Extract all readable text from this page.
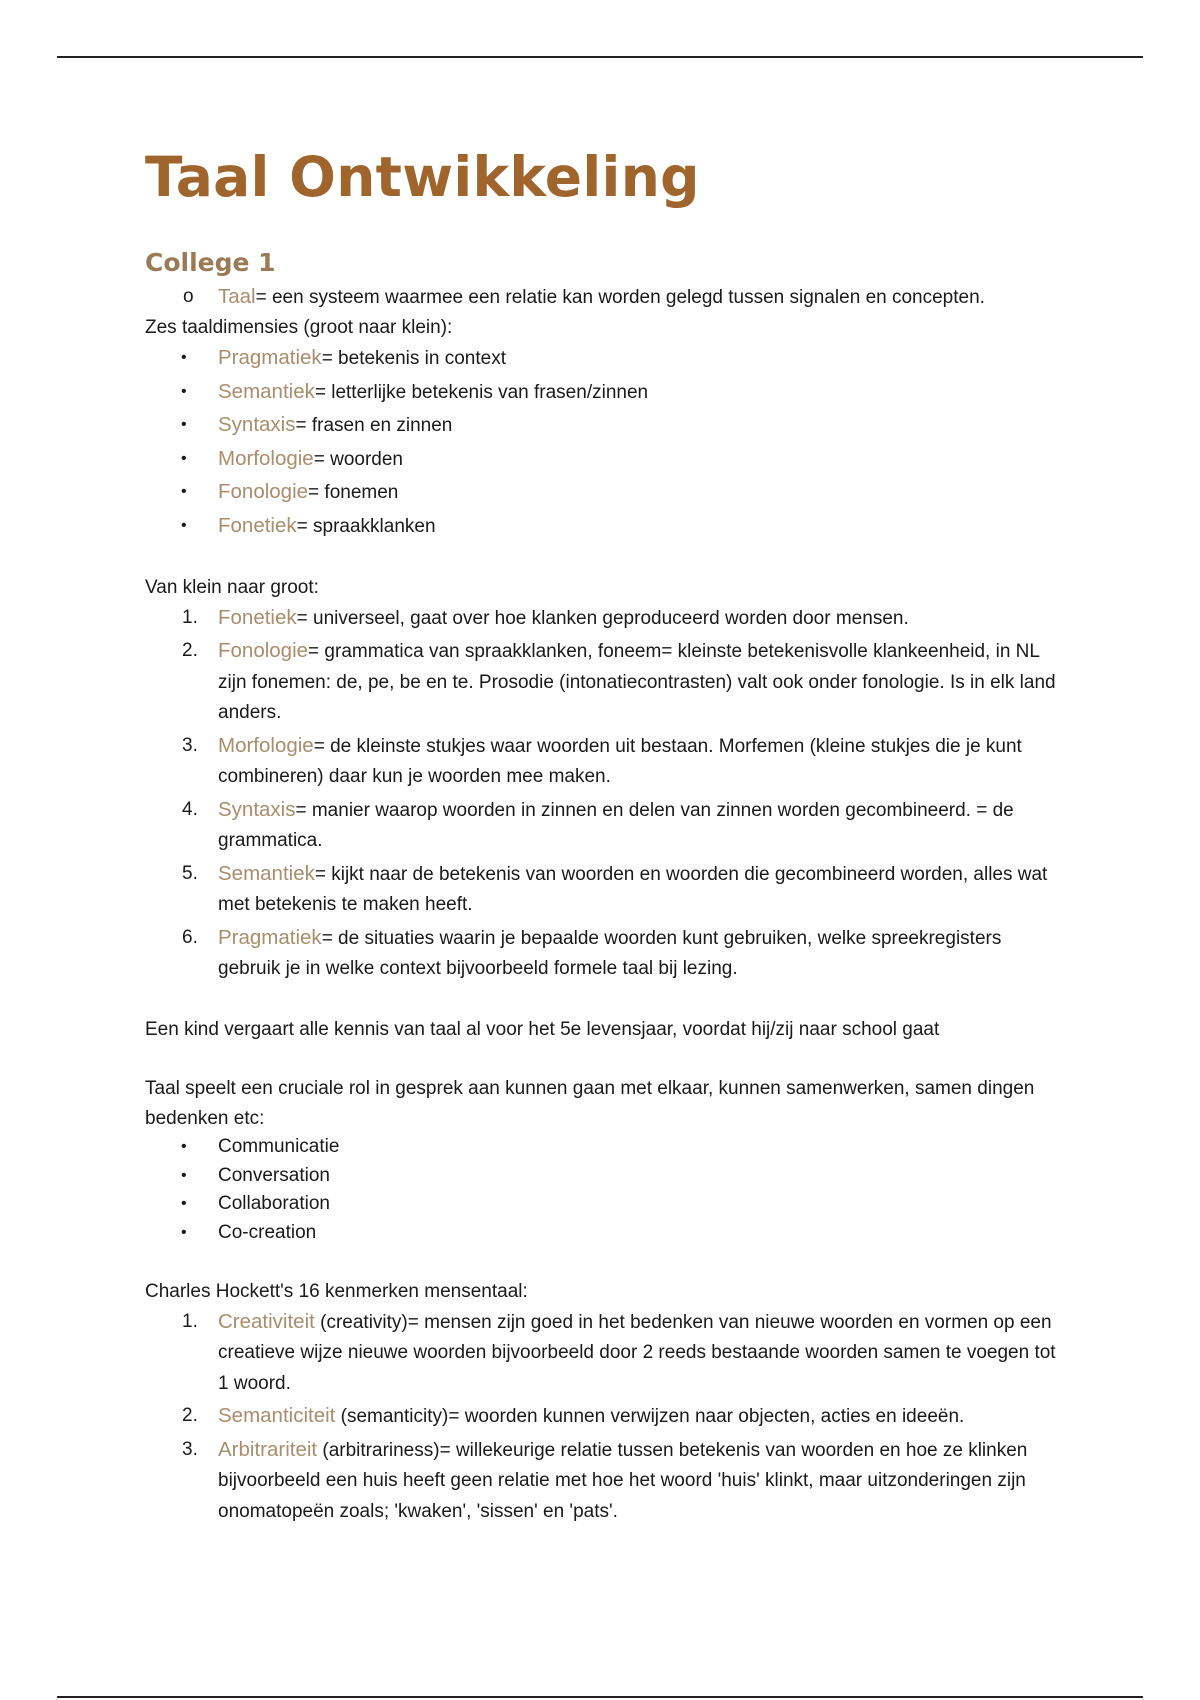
Taal Ontwikkeling
College 1
o Taal= een systeem waarmee een relatie kan worden gelegd tussen signalen en concepten.

Zes taaldimensies (groot naar klein):

• Pragmatiek= betekenis in context
• Semantiek= letterlijke betekenis van frasen/zinnen
• Syntaxis= frasen en zinnen
• Morfologie= woorden
• Fonologie= fonemen
• Fonetiek= spraakklanken

Van klein naar groot:

1. Fonetiek= universeel, gaat over hoe klanken geproduceerd worden door mensen.
2. Fonologie= grammatica van spraakklanken, foneem= kleinste betekenisvolle klankeenheid, in NL zijn fonemen: de, pe, be en te. Prosodie (intonatiecontrasten) valt ook onder fonologie. Is in elk land anders.
3. Morfologie= de kleinste stukjes waar woorden uit bestaan. Morfemen (kleine stukjes die je kunt combineren) daar kun je woorden mee maken.
4. Syntaxis= manier waarop woorden in zinnen en delen van zinnen worden gecombineerd. = de grammatica.
5. Semantiek= kijkt naar de betekenis van woorden en woorden die gecombineerd worden, alles wat met betekenis te maken heeft.
6. Pragmatiek= de situaties waarin je bepaalde woorden kunt gebruiken, welke spreekregisters gebruik je in welke context bijvoorbeeld formele taal bij lezing.

Een kind vergaart alle kennis van taal al voor het 5e levensjaar, voordat hij/zij naar school gaat

Taal speelt een cruciale rol in gesprek aan kunnen gaan met elkaar, kunnen samenwerken, samen dingen bedenken etc:

• Communicatie
• Conversation
• Collaboration
• Co-creation

Charles Hockett's 16 kenmerken mensentaal:

1. Creativiteit (creativity)= mensen zijn goed in het bedenken van nieuwe woorden en vormen op een creatieve wijze nieuwe woorden bijvoorbeeld door 2 reeds bestaande woorden samen te voegen tot 1 woord.
2. Semanticiteit (semanticity)= woorden kunnen verwijzen naar objecten, acties en ideeën.
3. Arbitrariteit (arbitrariness)= willekeurige relatie tussen betekenis van woorden en hoe ze klinken bijvoorbeeld een huis heeft geen relatie met hoe het woord 'huis' klinkt, maar uitzonderingen zijn onomatopeën zoals; 'kwaken', 'sissen' en 'pats'.
